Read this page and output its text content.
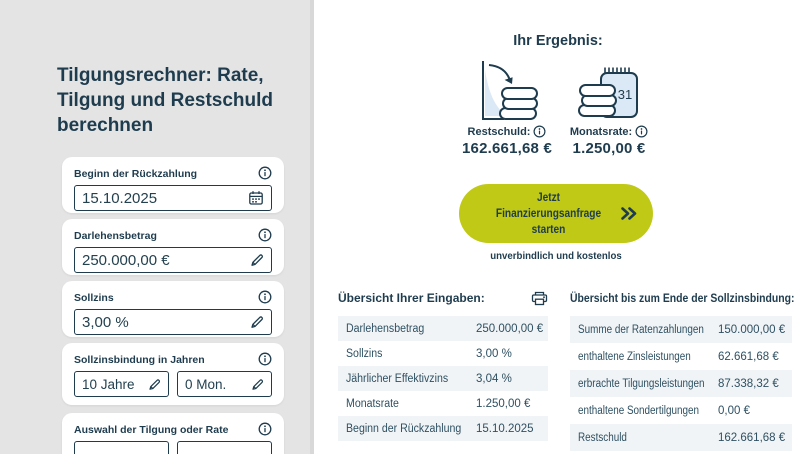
Tilgungsrechner: Rate, Tilgung und Restschuld berechnen
Beginn der Rückzahlung
15.10.2025
Darlehensbetrag
250.000,00 €
Sollzins
3,00 %
Sollzinsbindung in Jahren
10 Jahre	0 Mon.
Auswahl der Tilgung oder Rate
Ihr Ergebnis:
Restschuld:
162.661,68 €
31
Monatsrate:
1.250,00 €
Jetzt Finanzierungsanfrage
starten
unverbindlich und kostenlos
Übersicht Ihrer Eingaben:
Darlehensbetrag	250.000,00 €
Sollzins	3,00 %
Jährlicher Effektivzins	3,04 %
Monatsrate	1.250,00 €
Beginn der Rückzahlung	15.10.2025
Übersicht bis zum Ende der Sollzinsbindung:
Summe der Ratenzahlungen 150.000,00 €
enthaltene Zinsleistungen	62.661,68 €
erbrachte Tilgungsleistungen 87.338,32 €
enthaltene Sondertilgungen 0,00 €
Restschuld	162.661,68 €
